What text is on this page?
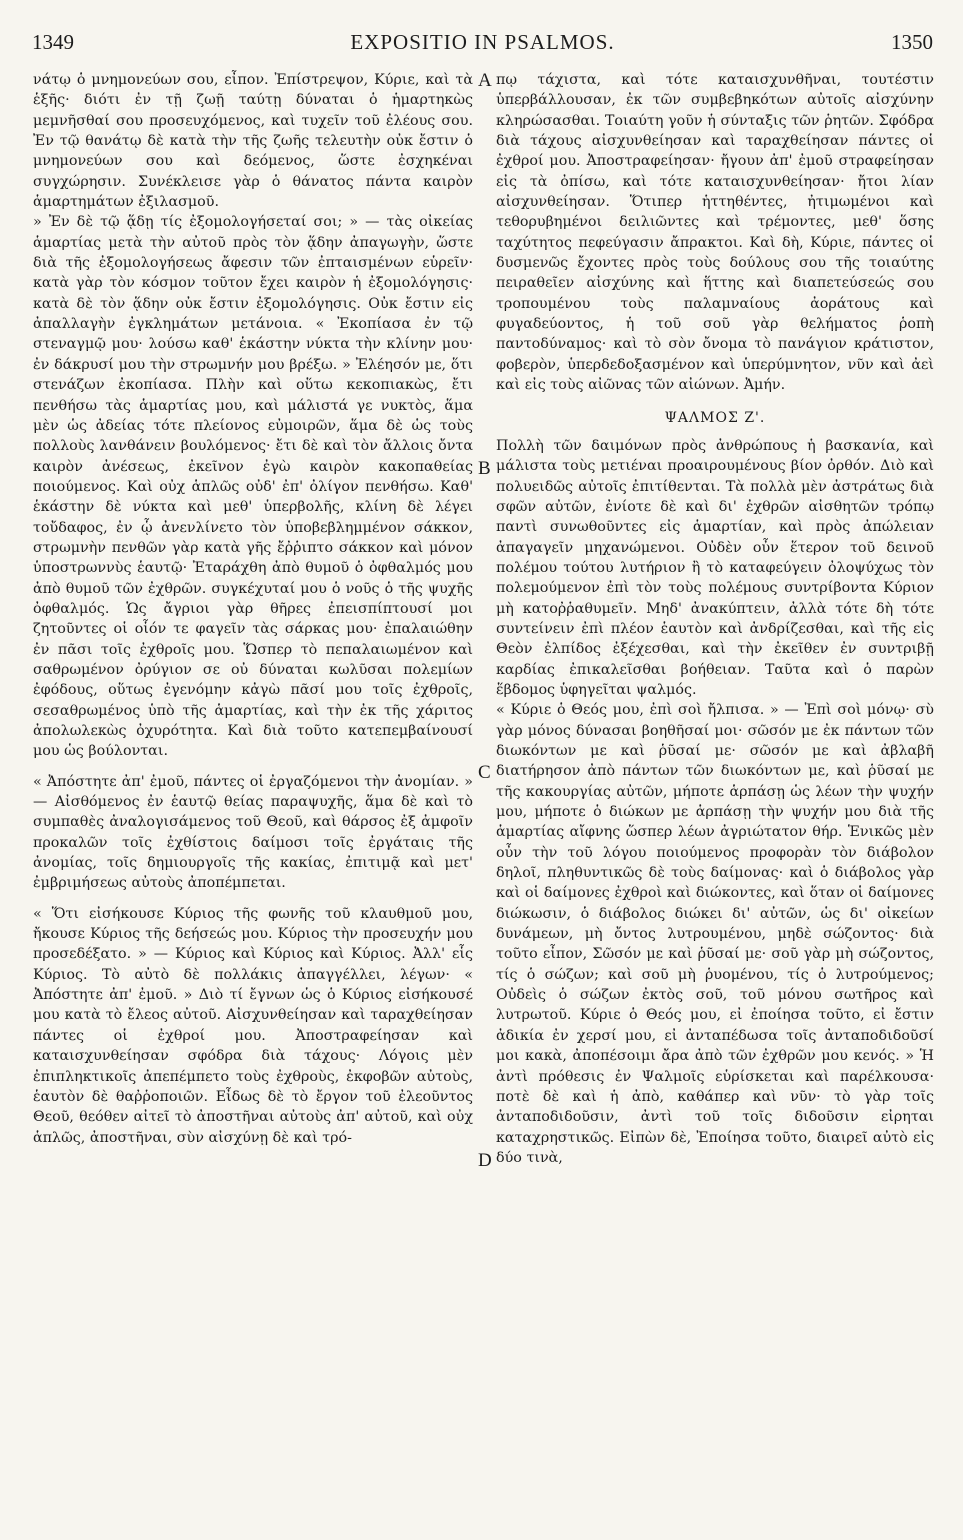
1349	EXPOSITIO IN PSALMOS.	1350
A
B
C
D

νάτῳ ὁ μνημονεύων σου, εἶπον. Ἐπίστρεψον, Κύριε, καὶ τὰ ἑξῆς· διότι ἐν τῇ ζωῇ ταύτῃ δύναται ὁ ἡμαρτηκὼς μεμνῆσθαί σου προσευχόμενος, καὶ τυχεῖν τοῦ ἐλέους σου. Ἐν τῷ θανάτῳ δὲ κατὰ τὴν τῆς ζωῆς τελευτὴν οὐκ ἔστιν ὁ μνημονεύων σου καὶ δεόμενος, ὥστε ἐσχηκέναι συγχώρησιν. Συνέκλεισε γὰρ ὁ θάνατος πάντα καιρὸν ἁμαρτημάτων ἐξιλασμοῦ.

» Ἐν δὲ τῷ ᾅδῃ τίς ἐξομολογήσεταί σοι; » — τὰς οἰκείας ἁμαρτίας μετὰ τὴν αὐτοῦ πρὸς τὸν ᾅδην ἀπαγωγὴν, ὥστε διὰ τῆς ἐξομολογήσεως ἄφεσιν τῶν ἐπταισμένων εὑρεῖν· κατὰ γὰρ τὸν κόσμον τοῦτον ἔχει καιρὸν ἡ ἐξομολόγησις· κατὰ δὲ τὸν ᾅδην οὐκ ἔστιν ἐξομολόγησις. Οὐκ ἔστιν εἰς ἀπαλλαγὴν ἐγκλημάτων μετάνοια. « Ἐκοπίασα ἐν τῷ στεναγμῷ μου· λούσω καθ' ἑκάστην νύκτα τὴν κλίνην μου· ἐν δάκρυσί μου τὴν στρωμνήν μου βρέξω. » Ἐλέησόν με, ὅτι στενάζων ἐκοπίασα. Πλὴν καὶ οὕτω κεκοπιακὼς, ἔτι πενθήσω τὰς ἁμαρτίας μου, καὶ μάλιστά γε νυκτὸς, ἅμα μὲν ὡς ἀδείας τότε πλείονος εὐμοιρῶν, ἅμα δὲ ὡς τοὺς πολλοὺς λανθάνειν βουλόμενος· ἔτι δὲ καὶ τὸν ἄλλοις ὄντα καιρὸν ἀνέσεως, ἐκεῖνον ἐγὼ καιρὸν κακοπαθείας ποιούμενος. Καὶ οὐχ ἁπλῶς οὐδ' ἐπ' ὀλίγον πενθήσω. Καθ' ἑκάστην δὲ νύκτα καὶ μεθ' ὑπερβολῆς, κλίνη δὲ λέγει τοὔδαφος, ἐν ᾧ ἀνενλίνετο τὸν ὑποβεβλημμένον σάκκον, στρωμνὴν πενθῶν γὰρ κατὰ γῆς ἔῤῥιπτο σάκκον καὶ μόνον ὑποστρωννὺς ἑαυτῷ· Ἐταράχθη ἀπὸ θυμοῦ ὁ ὀφθαλμός μου ἀπὸ θυμοῦ τῶν ἐχθρῶν. συγκέχυταί μου ὁ νοῦς ὁ τῆς ψυχῆς ὀφθαλμός. Ὡς ἄγριοι γὰρ θῆρες ἐπεισπίπτουσί μοι ζητοῦντες οἱ οἷόν τε φαγεῖν τὰς σάρκας μου· ἐπαλαιώθην ἐν πᾶσι τοῖς ἐχθροῖς μου. Ὥσπερ τὸ πεπαλαιωμένον καὶ σαθρωμένον ὀρύγιον σε οὐ δύναται κωλῦσαι πολεμίων ἐφόδους, οὕτως ἐγενόμην κἀγὼ πᾶσί μου τοῖς ἐχθροῖς, σεσαθρωμένος ὑπὸ τῆς ἁμαρτίας, καὶ τὴν ἐκ τῆς χάριτος ἀπολωλεκὼς ὀχυρότητα. Καὶ διὰ τοῦτο κατεπεμβαίνουσί μου ὡς βούλονται.

« Ἀπόστητε ἀπ' ἐμοῦ, πάντες οἱ ἐργαζόμενοι τὴν ἀνομίαν. » — Αἰσθόμενος ἐν ἑαυτῷ θείας παραψυχῆς, ἅμα δὲ καὶ τὸ συμπαθὲς ἀναλογισάμενος τοῦ Θεοῦ, καὶ θάρσος ἐξ ἀμφοῖν προκαλῶν τοῖς ἐχθίστοις δαίμοσι τοῖς ἐργάταις τῆς ἀνομίας, τοῖς δημιουργοῖς τῆς κακίας, ἐπιτιμᾷ καὶ μετ' ἐμβριμήσεως αὐτοὺς ἀποπέμπεται.

« Ὅτι εἰσήκουσε Κύριος τῆς φωνῆς τοῦ κλαυθμοῦ μου, ἤκουσε Κύριος τῆς δεήσεώς μου. Κύριος τὴν προσευχήν μου προσεδέξατο. » — Κύριος καὶ Κύριος καὶ Κύριος. Ἀλλ' εἷς Κύριος. Τὸ αὐτὸ δὲ πολλάκις ἀπαγγέλλει, λέγων· « Ἀπόστητε ἀπ' ἐμοῦ. » Διὸ τί ἔγνων ὡς ὁ Κύριος εἰσήκουσέ μου κατὰ τὸ ἔλεος αὐτοῦ. Αἰσχυνθείησαν καὶ ταραχθείησαν πάντες οἱ ἐχθροί μου. Ἀποστραφείησαν καὶ καταισχυνθείησαν σφόδρα διὰ τάχους· Λόγοις μὲν ἐπιπληκτικοῖς ἀπεπέμπετο τοὺς ἐχθροὺς, ἐκφοβῶν αὐτοὺς, ἑαυτὸν δὲ θαῤῥοποιῶν. Εἶδως δὲ τὸ ἔργον τοῦ ἐλεοῦντος Θεοῦ, θεόθεν αἰτεῖ τὸ ἀποστῆναι αὐτοὺς ἀπ' αὐτοῦ, καὶ οὐχ ἁπλῶς, ἀποστῆναι, σὺν αἰσχύνῃ δὲ καὶ τρό-

πῳ τάχιστα, καὶ τότε καταισχυνθῆναι, τουτέστιν ὑπερβάλλουσαν, ἐκ τῶν συμβεβηκότων αὐτοῖς αἰσχύνην κληρώσασθαι. Τοιαύτη γοῦν ἡ σύνταξις τῶν ῥητῶν. Σφόδρα διὰ τάχους αἰσχυνθείησαν καὶ ταραχθείησαν πάντες οἱ ἐχθροί μου. Ἀποστραφείησαν· ἤγουν ἀπ' ἐμοῦ στραφείησαν εἰς τὰ ὀπίσω, καὶ τότε καταισχυνθείησαν· ἤτοι λίαν αἰσχυνθείησαν. Ὅτιπερ ἡττηθέντες, ἠτιμωμένοι καὶ τεθορυβημένοι δειλιῶντες καὶ τρέμοντες, μεθ' ὅσης ταχύτητος πεφεύγασιν ἄπρακτοι. Καὶ δὴ, Κύριε, πάντες οἱ δυσμενῶς ἔχοντες πρὸς τοὺς δούλους σου τῆς τοιαύτης πειραθεῖεν αἰσχύνης καὶ ἥττης καὶ διαπετεύσεώς σου τροπουμένου τοὺς παλαμναίους ἀοράτους καὶ φυγαδεύοντος, ἡ τοῦ σοῦ γὰρ θελήματος ῥοπὴ παντοδύναμος· καὶ τὸ σὸν ὄνομα τὸ πανάγιον κράτιστον, φοβερὸν, ὑπερδεδοξασμένον καὶ ὑπερύμνητον, νῦν καὶ ἀεὶ καὶ εἰς τοὺς αἰῶνας τῶν αἰώνων. Ἀμήν.

ΨΑΛΜΟΣ Ζ'.

Πολλὴ τῶν δαιμόνων πρὸς ἀνθρώπους ἡ βασκανία, καὶ μάλιστα τοὺς μετιέναι προαιρουμένους βίον ὀρθόν. Διὸ καὶ πολυειδῶς αὐτοῖς ἐπιτίθενται. Τὰ πολλὰ μὲν ἀστράτως διὰ σφῶν αὐτῶν, ἐνίοτε δὲ καὶ δι' ἐχθρῶν αἰσθητῶν τρόπῳ παντὶ συνωθοῦντες εἰς ἁμαρτίαν, καὶ πρὸς ἀπώλειαν ἀπαγαγεῖν μηχανώμενοι. Οὐδὲν οὖν ἕτερον τοῦ δεινοῦ πολέμου τούτου λυτήριον ἢ τὸ καταφεύγειν ὀλοψύχως τὸν πολεμούμενον ἐπὶ τὸν τοὺς πολέμους συντρίβοντα Κύριον μὴ κατοῤῥαθυμεῖν. Μηδ' ἀνακύπτειν, ἀλλὰ τότε δὴ τότε συντείνειν ἐπὶ πλέον ἑαυτὸν καὶ ἀνδρίζεσθαι, καὶ τῆς εἰς Θεὸν ἐλπίδος ἐξέχεσθαι, καὶ τὴν ἐκεῖθεν ἐν συντριβῇ καρδίας ἐπικαλεῖσθαι βοήθειαν. Ταῦτα καὶ ὁ παρὼν ἕβδομος ὑφηγεῖται ψαλμός.

« Κύριε ὁ Θεός μου, ἐπὶ σοὶ ἤλπισα. » — Ἐπὶ σοὶ μόνῳ· σὺ γὰρ μόνος δύνασαι βοηθῆσαί μοι· σῶσόν με ἐκ πάντων τῶν διωκόντων με καὶ ῥῦσαί με· σῶσόν με καὶ ἀβλαβῆ διατήρησον ἀπὸ πάντων τῶν διωκόντων με, καὶ ῥῦσαί με τῆς κακουργίας αὐτῶν, μήποτε ἁρπάσῃ ὡς λέων τὴν ψυχήν μου, μήποτε ὁ διώκων με ἁρπάσῃ τὴν ψυχήν μου διὰ τῆς ἁμαρτίας αἴφνης ὥσπερ λέων ἀγριώτατον θήρ. Ἑνικῶς μὲν οὖν τὴν τοῦ λόγου ποιούμενος προφορὰν τὸν διάβολον δηλοῖ, πληθυντικῶς δὲ τοὺς δαίμονας· καὶ ὁ διάβολος γὰρ καὶ οἱ δαίμονες ἐχθροὶ καὶ διώκοντες, καὶ ὅταν οἱ δαίμονες διώκωσιν, ὁ διάβολος διώκει δι' αὐτῶν, ὡς δι' οἰκείων δυνάμεων, μὴ ὄντος λυτρουμένου, μηδὲ σώζοντος· διὰ τοῦτο εἶπον, Σῶσόν με καὶ ῥῦσαί με· σοῦ γὰρ μὴ σώζοντος, τίς ὁ σώζων; καὶ σοῦ μὴ ῥυομένου, τίς ὁ λυτρούμενος; Οὐδεὶς ὁ σώζων ἐκτὸς σοῦ, τοῦ μόνου σωτῆρος καὶ λυτρωτοῦ. Κύριε ὁ Θεός μου, εἰ ἐποίησα τοῦτο, εἰ ἔστιν ἀδικία ἐν χερσί μου, εἰ ἀνταπέδωσα τοῖς ἀνταποδιδοῦσί μοι κακὰ, ἀποπέσοιμι ἄρα ἀπὸ τῶν ἐχθρῶν μου κενός. » Ἡ ἀντὶ πρόθεσις ἐν Ψαλμοῖς εὑρίσκεται καὶ παρέλκουσα· ποτὲ δὲ καὶ ἡ ἀπὸ, καθάπερ καὶ νῦν· τὸ γὰρ τοῖς ἀνταποδιδοῦσιν, ἀντὶ τοῦ τοῖς διδοῦσιν εἰρηται καταχρηστικῶς. Εἰπὼν δὲ, Ἐποίησα τοῦτο, διαιρεῖ αὐτὸ εἰς δύο τινὰ,
